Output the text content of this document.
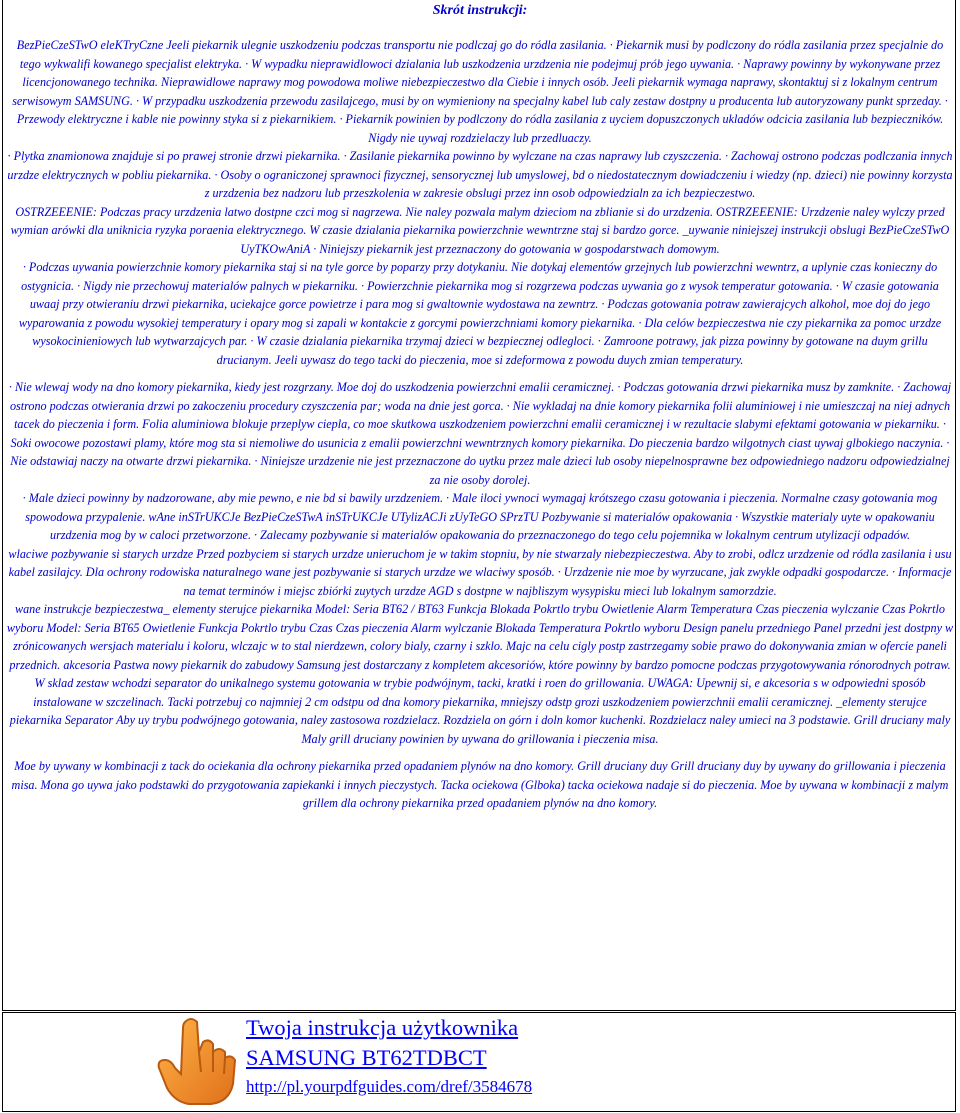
Skrót instrukcji:

BezPieCzeSTwO eleKTryCzne Jeeli piekarnik ulegnie uszkodzeniu podczas transportu nie podlczaj go do ródla zasilania. · Piekarnik musi by podlczony do ródla zasilania przez specjalnie do tego wykwalifi kowanego specjalist elektryka. · W wypadku nieprawidlowoci dzialania lub uszkodzenia urzdzenia nie podejmuj prób jego uywania. · Naprawy powinny by wykonywane przez licencjonowanego technika. Nieprawidlowe naprawy mog powodowa moliwe niebezpieczestwo dla Ciebie i innych osób. Jeeli piekarnik wymaga naprawy, skontaktuj si z lokalnym centrum serwisowym SAMSUNG. · W przypadku uszkodzenia przewodu zasilajcego, musi by on wymieniony na specjalny kabel lub caly zestaw dostpny u producenta lub autoryzowany punkt sprzeday. · Przewody elektryczne i kable nie powinny styka si z piekarnikiem. · Piekarnik powinien by podlczony do ródla zasilania z uyciem dopuszczonych ukladów odcicia zasilania lub bezpieczników. Nigdy nie uywaj rozdzielaczy lub przedluaczy.

· Plytka znamionowa znajduje si po prawej stronie drzwi piekarnika. · Zasilanie piekarnika powinno by wylczane na czas naprawy lub czyszczenia. · Zachowaj ostrono podczas podlczania innych urzdze elektrycznych w pobliu piekarnika. · Osoby o ograniczonej sprawnoci fizycznej, sensorycznej lub umyslowej, bd o niedostatecznym dowiadczeniu i wiedzy (np. dzieci) nie powinny korzysta z urzdzenia bez nadzoru lub przeszkolenia w zakresie obslugi przez inn osob odpowiedzialn za ich bezpieczestwo.

OSTRZEEENIE: Podczas pracy urzdzenia latwo dostpne czci mog si nagrzewa. Nie naley pozwala malym dzieciom na zblianie si do urzdzenia. OSTRZEEENIE: Urzdzenie naley wylczy przed wymian arówki dla uniknicia ryzyka poraenia elektrycznego. W czasie dzialania piekarnika powierzchnie wewntrzne staj si bardzo gorce. _uywanie niniejszej instrukcji obslugi BezPieCzeSTwO UyTKOwAniA · Niniejszy piekarnik jest przeznaczony do gotowania w gospodarstwach domowym.

· Podczas uywania powierzchnie komory piekarnika staj si na tyle gorce by poparzy przy dotykaniu. Nie dotykaj elementów grzejnych lub powierzchni wewntrz, a uplynie czas konieczny do ostygnicia. · Nigdy nie przechowuj materialów palnych w piekarniku. · Powierzchnie piekarnika mog si rozgrzewa podczas uywania go z wysok temperatur gotowania. · W czasie gotowania uwaaj przy otwieraniu drzwi piekarnika, uciekajce gorce powietrze i para mog si gwaltownie wydostawa na zewntrz. · Podczas gotowania potraw zawierajcych alkohol, moe doj do jego wyparowania z powodu wysokiej temperatury i opary mog si zapali w kontakcie z gorcymi powierzchniami komory piekarnika. · Dla celów bezpieczestwa nie czy piekarnika za pomoc urzdze wysokocinieniowych lub wytwarzajcych par. · W czasie dzialania piekarnika trzymaj dzieci w bezpiecznej odlegloci. · Zamroone potrawy, jak pizza powinny by gotowane na duym grillu drucianym. Jeeli uywasz do tego tacki do pieczenia, moe si zdeformowa z powodu duych zmian temperatury.

· Nie wlewaj wody na dno komory piekarnika, kiedy jest rozgrzany. Moe doj do uszkodzenia powierzchni emalii ceramicznej. · Podczas gotowania drzwi piekarnika musz by zamknite. · Zachowaj ostrono podczas otwierania drzwi po zakoczeniu procedury czyszczenia par; woda na dnie jest gorca. · Nie wykladaj na dnie komory piekarnika folii aluminiowej i nie umieszczaj na niej adnych tacek do pieczenia i form. Folia aluminiowa blokuje przeplyw ciepla, co moe skutkowa uszkodzeniem powierzchni emalii ceramicznej i w rezultacie slabymi efektami gotowania w piekarniku. · Soki owocowe pozostawi plamy, które mog sta si niemoliwe do usunicia z emalii powierzchni wewntrznych komory piekarnika. Do pieczenia bardzo wilgotnych ciast uywaj glbokiego naczynia. · Nie odstawiaj naczy na otwarte drzwi piekarnika. · Niniejsze urzdzenie nie jest przeznaczone do uytku przez male dzieci lub osoby niepelnosprawne bez odpowiedniego nadzoru odpowiedzialnej za nie osoby dorolej.

· Male dzieci powinny by nadzorowane, aby mie pewno, e nie bd si bawily urzdzeniem. · Male iloci ywnoci wymagaj krótszego czasu gotowania i pieczenia. Normalne czasy gotowania mog spowodowa przypalenie. wAne inSTrUKCJe BezPieCzeSTwA inSTrUKCJe UTylizACJi zUyTeGO SPrzTU Pozbywanie si materialów opakowania · Wszystkie materialy uyte w opakowaniu urzdzenia mog by w caloci przetworzone. · Zalecamy pozbywanie si materialów opakowania do przeznaczonego do tego celu pojemnika w lokalnym centrum utylizacji odpadów.

wlaciwe pozbywanie si starych urzdze Przed pozbyciem si starych urzdze unieruchom je w takim stopniu, by nie stwarzaly niebezpieczestwa. Aby to zrobi, odlcz urzdzenie od ródla zasilania i usu kabel zasilajcy. Dla ochrony rodowiska naturalnego wane jest pozbywanie si starych urzdze we wlaciwy sposób. · Urzdzenie nie moe by wyrzucane, jak zwykle odpadki gospodarcze. · Informacje na temat terminów i miejsc zbiórki zuytych urzdze AGD s dostpne w najbliszym wysypisku mieci lub lokalnym samorzdzie.

wane instrukcje bezpieczestwa_ elementy sterujce piekarnika Model: Seria BT62 / BT63 Funkcja Blokada Pokrtlo trybu Owietlenie Alarm Temperatura Czas pieczenia wylczanie Czas Pokrtlo wyboru Model: Seria BT65 Owietlenie Funkcja Pokrtlo trybu Czas Czas pieczenia Alarm wylczanie Blokada Temperatura Pokrtlo wyboru Design panelu przedniego Panel przedni jest dostpny w zrónicowanych wersjach materialu i koloru, wlczajc w to stal nierdzewn, colory bialy, czarny i szklo. Majc na celu cigly postp zastrzegamy sobie prawo do dokonywania zmian w ofercie paneli przednich. akcesoria Pastwa nowy piekarnik do zabudowy Samsung jest dostarczany z kompletem akcesoriów, które powinny by bardzo pomocne podczas przygotowywania rónorodnych potraw. W sklad zestaw wchodzi separator do unikalnego systemu gotowania w trybie podwójnym, tacki, kratki i roen do grillowania. UWAGA: Upewnij si, e akcesoria s w odpowiedni sposób instalowane w szczelinach. Tacki potrzebuj co najmniej 2 cm odstpu od dna komory piekarnika, mniejszy odstp grozi uszkodzeniem powierzchnii emalii ceramicznej. _elementy sterujce piekarnika Separator Aby uy trybu podwójnego gotowania, naley zastosowa rozdzielacz. Rozdziela on górn i doln komor kuchenki. Rozdzielacz naley umieci na 3 podstawie. Grill druciany maly Maly grill druciany powinien by uywana do grillowania i pieczenia misa.

Moe by uywany w kombinacji z tack do ociekania dla ochrony piekarnika przed opadaniem plynów na dno komory. Grill druciany duy Grill druciany duy by uywany do grillowania i pieczenia misa. Mona go uywa jako podstawki do przygotowania zapiekanki i innych pieczystych. Tacka ociekowa (Glboka) tacka ociekowa nadaje si do pieczenia. Moe by uywana w kombinacji z malym grillem dla ochrony piekarnika przed opadaniem plynów na dno komory.

Twoja instrukcja użytkownika
SAMSUNG BT62TDBCT
http://pl.yourpdfguides.com/dref/3584678
